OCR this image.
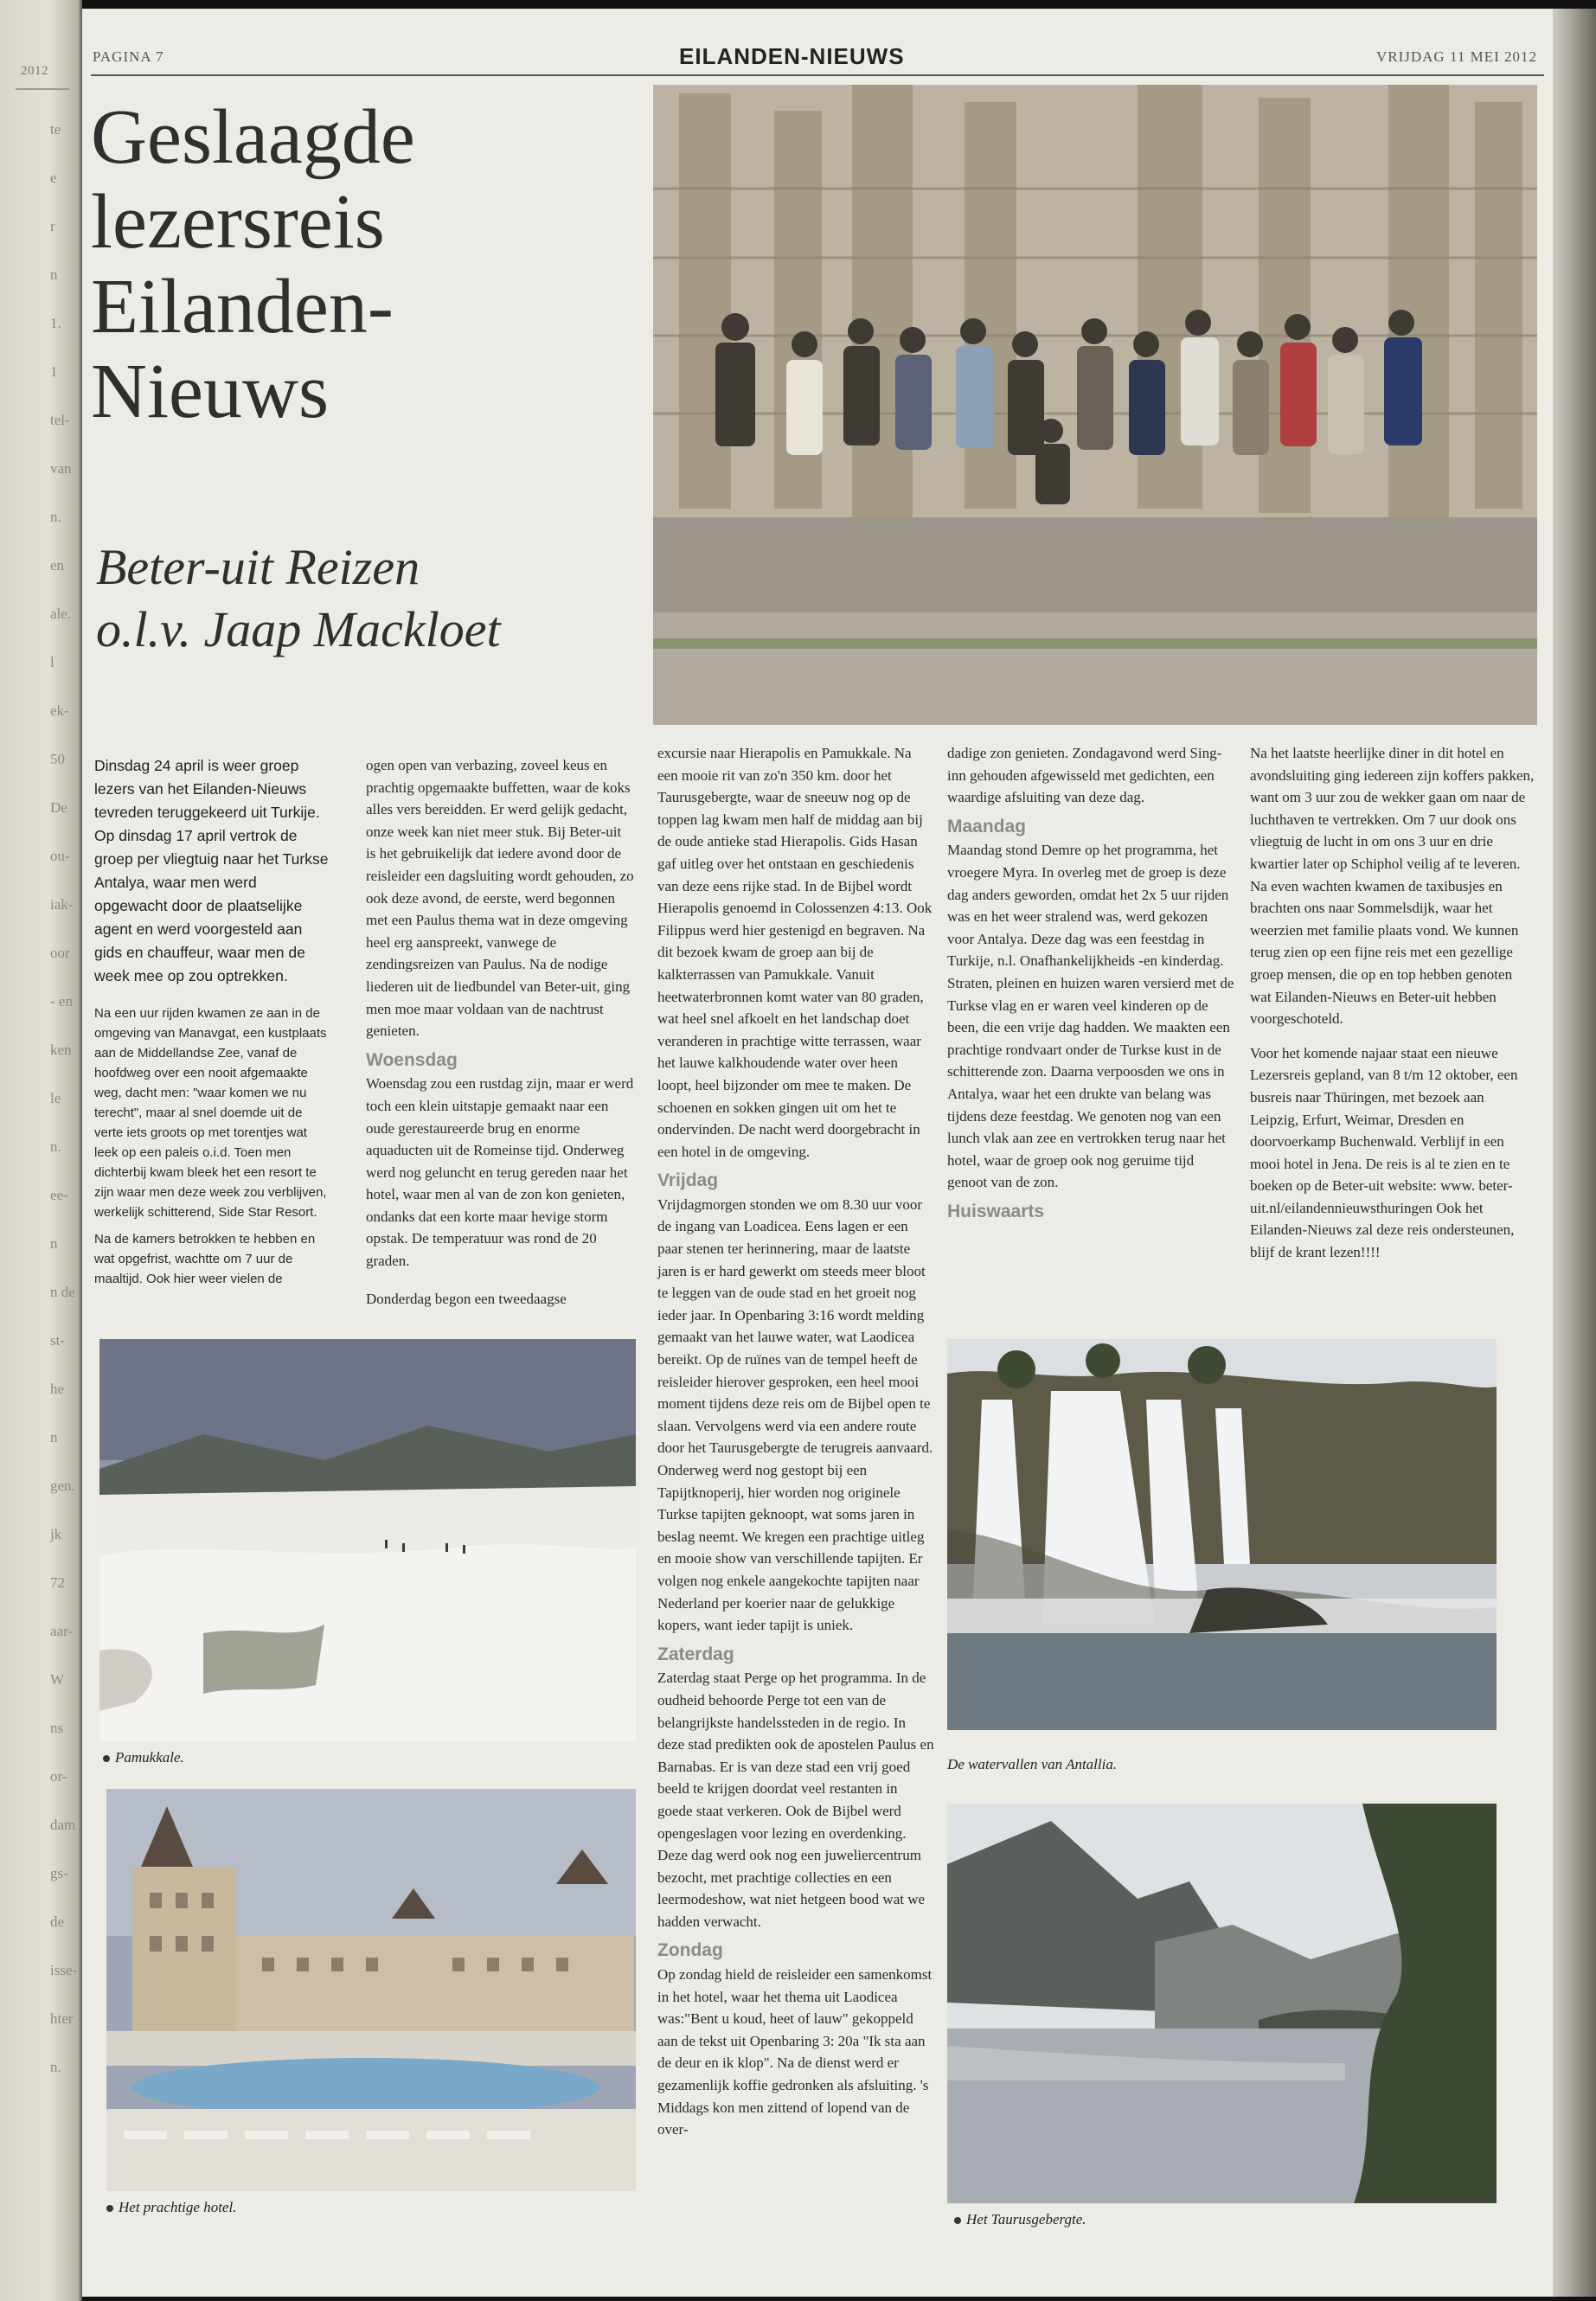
2012
te
e
r
n
1.
1
tel-
van
n.
en
ale.
l
ek-
50
De
ou-
iak-
oor
- en
ken
le
n.
ee-
n
n de
st-
he
n
gen.
jk
72
aar-
W
ns
or-
dam
gs-
de
isse-
hter
n.
PAGINA 7	EILANDEN-NIEUWS	VRIJDAG 11 MEI 2012
Geslaagde
lezersreis
Eilanden-
Nieuws
Beter-uit Reizen
o.l.v. Jaap Mackloet

Dinsdag 24 april is weer groep lezers van het Eilanden-Nieuws tevreden teruggekeerd uit Turkije. Op dinsdag 17 april vertrok de groep per vliegtuig naar het Turkse Antalya, waar men werd opgewacht door de plaatselijke agent en werd voorgesteld aan gids en chauffeur, waar men de week mee op zou optrekken.

Na een uur rijden kwamen ze aan in de omgeving van Manavgat, een kustplaats aan de Middellandse Zee, vanaf de hoofdweg over een nooit afgemaakte weg, dacht men: "waar komen we nu terecht", maar al snel doemde uit de verte iets groots op met torentjes wat leek op een paleis o.i.d. Toen men dichterbij kwam bleek het een resort te zijn waar men deze week zou verblijven, werkelijk schitterend, Side Star Resort.

Na de kamers betrokken te hebben en wat opgefrist, wachtte om 7 uur de maaltijd. Ook hier weer vielen de

ogen open van verbazing, zoveel keus en prachtig opgemaakte buffetten, waar de koks alles vers bereidden. Er werd gelijk gedacht, onze week kan niet meer stuk. Bij Beter-uit is het gebruikelijk dat iedere avond door de reisleider een dagsluiting wordt gehouden, zo ook deze avond, de eerste, werd begonnen met een Paulus thema wat in deze omgeving heel erg aanspreekt, vanwege de zendingsreizen van Paulus. Na de nodige liederen uit de liedbundel van Beter-uit, ging men moe maar voldaan van de nachtrust genieten.

Woensdag

Woensdag zou een rustdag zijn, maar er werd toch een klein uitstapje gemaakt naar een oude gerestaureerde brug en enorme aquaducten uit de Romeinse tijd. Onderweg werd nog geluncht en terug gereden naar het hotel, waar men al van de zon kon genieten, ondanks dat een korte maar hevige storm opstak. De temperatuur was rond de 20 graden.

Donderdag begon een tweedaagse

excursie naar Hierapolis en Pamukkale. Na een mooie rit van zo'n 350 km. door het Taurusgebergte, waar de sneeuw nog op de toppen lag kwam men half de middag aan bij de oude antieke stad Hierapolis. Gids Hasan gaf uitleg over het ontstaan en geschiedenis van deze eens rijke stad. In de Bijbel wordt Hierapolis genoemd in Colossenzen 4:13. Ook Filippus werd hier gestenigd en begraven. Na dit bezoek kwam de groep aan bij de kalkterrassen van Pamukkale. Vanuit heetwaterbronnen komt water van 80 graden, wat heel snel afkoelt en het landschap doet veranderen in prachtige witte terrassen, waar het lauwe kalkhoudende water over heen loopt, heel bijzonder om mee te maken. De schoenen en sokken gingen uit om het te ondervinden. De nacht werd doorgebracht in een hotel in de omgeving.

Vrijdag

Vrijdagmorgen stonden we om 8.30 uur voor de ingang van Loadicea. Eens lagen er een paar stenen ter herinnering, maar de laatste jaren is er hard gewerkt om steeds meer bloot te leggen van de oude stad en het groeit nog ieder jaar. In Openbaring 3:16 wordt melding gemaakt van het lauwe water, wat Laodicea bereikt. Op de ruïnes van de tempel heeft de reisleider hierover gesproken, een heel mooi moment tijdens deze reis om de Bijbel open te slaan. Vervolgens werd via een andere route door het Taurusgebergte de terugreis aanvaard. Onderweg werd nog gestopt bij een Tapijtknoperij, hier worden nog originele Turkse tapijten geknoopt, wat soms jaren in beslag neemt. We kregen een prachtige uitleg en mooie show van verschillende tapijten. Er volgen nog enkele aangekochte tapijten naar Nederland per koerier naar de gelukkige kopers, want ieder tapijt is uniek.

Zaterdag

Zaterdag staat Perge op het programma. In de oudheid behoorde Perge tot een van de belangrijkste handelssteden in de regio. In deze stad predikten ook de apostelen Paulus en Barnabas. Er is van deze stad een vrij goed beeld te krijgen doordat veel restanten in goede staat verkeren. Ook de Bijbel werd opengeslagen voor lezing en overdenking. Deze dag werd ook nog een juweliercentrum bezocht, met prachtige collecties en een leermodeshow, wat niet hetgeen bood wat we hadden verwacht.

Zondag

Op zondag hield de reisleider een samenkomst in het hotel, waar het thema uit Laodicea was:"Bent u koud, heet of lauw" gekoppeld aan de tekst uit Openbaring 3: 20a "Ik sta aan de deur en ik klop". Na de dienst werd er gezamenlijk koffie gedronken als afsluiting. 's Middags kon men zittend of lopend van de over-

dadige zon genieten. Zondagavond werd Sing-inn gehouden afgewisseld met gedichten, een waardige afsluiting van deze dag.

Maandag

Maandag stond Demre op het programma, het vroegere Myra. In overleg met de groep is deze dag anders geworden, omdat het 2x 5 uur rijden was en het weer stralend was, werd gekozen voor Antalya. Deze dag was een feestdag in Turkije, n.l. Onafhankelijkheids -en kinderdag. Straten, pleinen en huizen waren versierd met de Turkse vlag en er waren veel kinderen op de been, die een vrije dag hadden. We maakten een prachtige rondvaart onder de Turkse kust in de schitterende zon. Daarna verpoosden we ons in Antalya, waar het een drukte van belang was tijdens deze feestdag. We genoten nog van een lunch vlak aan zee en vertrokken terug naar het hotel, waar de groep ook nog geruime tijd genoot van de zon.

Huiswaarts

Na het laatste heerlijke diner in dit hotel en avondsluiting ging iedereen zijn koffers pakken, want om 3 uur zou de wekker gaan om naar de luchthaven te vertrekken. Om 7 uur dook ons vliegtuig de lucht in om ons 3 uur en drie kwartier later op Schiphol veilig af te leveren. Na even wachten kwamen de taxibusjes en brachten ons naar Sommelsdijk, waar het weerzien met familie plaats vond. We kunnen terug zien op een fijne reis met een gezellige groep mensen, die op en top hebben genoten wat Eilanden-Nieuws en Beter-uit hebben voorgeschoteld.

Voor het komende najaar staat een nieuwe Lezersreis gepland, van 8 t/m 12 oktober, een busreis naar Thüringen, met bezoek aan Leipzig, Erfurt, Weimar, Dresden en doorvoerkamp Buchenwald. Verblijf in een mooi hotel in Jena. De reis is al te zien en te boeken op de Beter-uit website: www. beter-uit.nl/eilandennieuwsthuringen Ook het Eilanden-Nieuws zal deze reis ondersteunen, blijf de krant lezen!!!!

Pamukkale.
Het prachtige hotel.
De watervallen van Antallia.
Het Taurusgebergte.
